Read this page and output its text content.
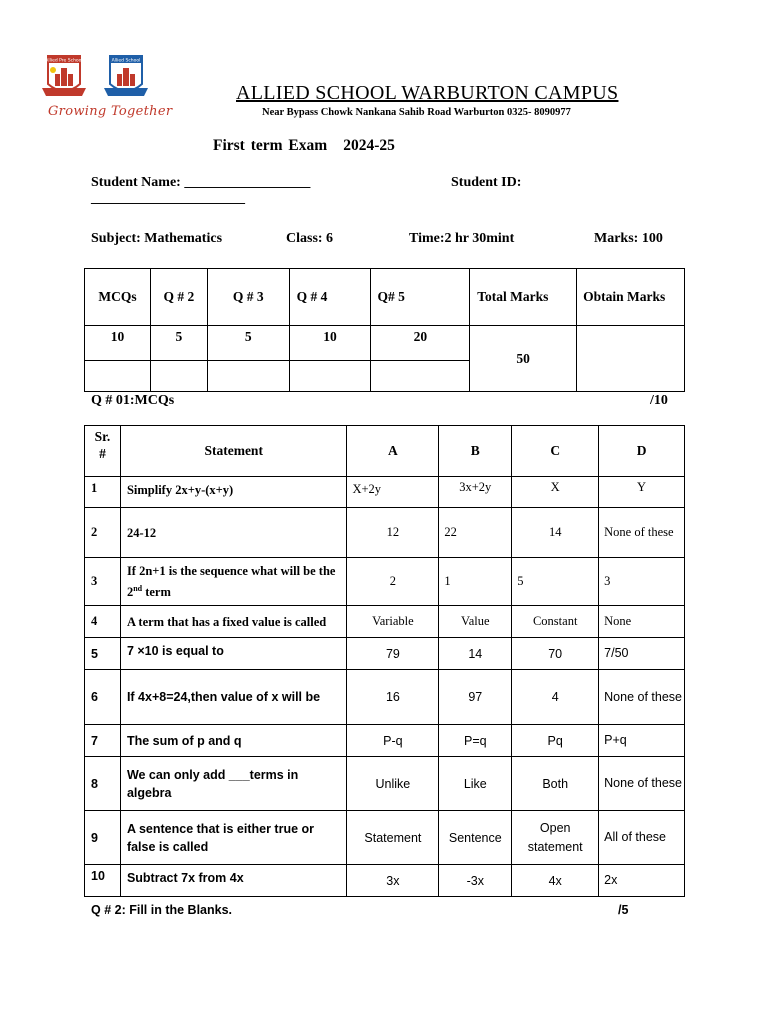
Allied Pre School	Allied School
Growing Together
ALLIED SCHOOL WARBURTON CAMPUS
Near Bypass Chowk Nankana Sahib Road Warburton 0325- 8090977
First term Exam 2024-25
Student Name: __________________	Student ID:
______________________
Subject: Mathematics	Class: 6	Time:2 hr 30mint	Marks: 100
MCQs	Q # 2	Q # 3	Q # 4	Q# 5	Total Marks	Obtain Marks
10	5	5	10	20	50	

Q # 01:MCQs	/10
Sr.
#	Statement	A	B	C	D
1	Simplify 2x+y-(x+y)	X+2y	3x+2y	X	Y
2	24-12	12	22	14	None of these
3	If 2n+1 is the sequence what will be the 2nd term	2	1	5	3
4	A term that has a fixed value is called	Variable	Value	Constant	None
5	7 ×10 is equal to	79	14	70	7/50
6	If 4x+8=24,then value of x will be	16	97	4	None of these
7	The sum of p and q	P-q	P=q	Pq	P+q
8	We can only add ___terms in algebra	Unlike	Like	Both	None of these
9	A sentence that is either true or false is called	Statement	Sentence	Open statement	All of these
10	Subtract 7x from 4x	3x	-3x	4x	2x
Q # 2: Fill in the Blanks.	/5
